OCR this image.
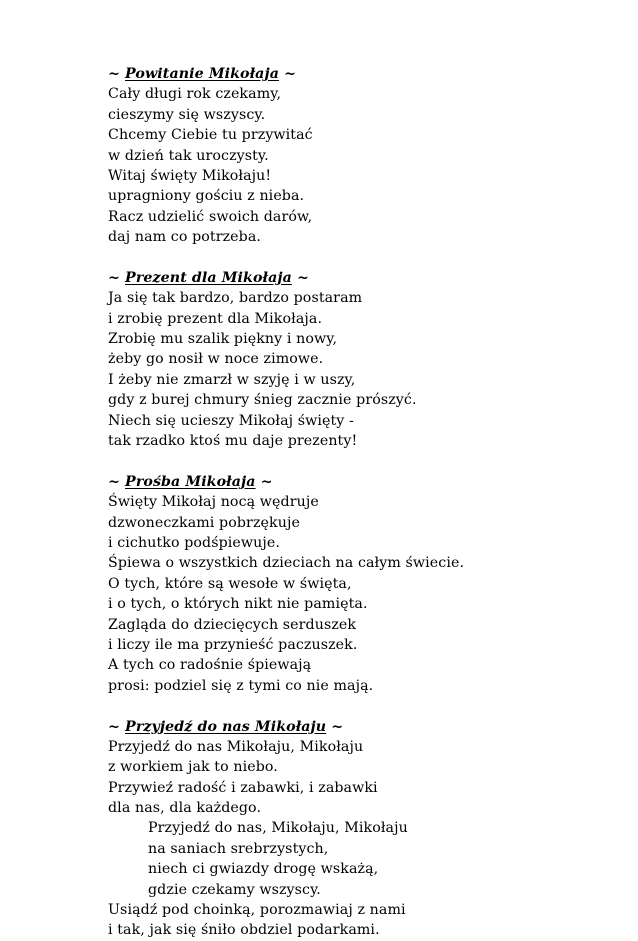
~ Powitanie Mikołaja ~
Cały długi rok czekamy,
cieszymy się wszyscy.
Chcemy Ciebie tu przywitać
w dzień tak uroczysty.
Witaj święty Mikołaju!
upragniony gościu z nieba.
Racz udzielić swoich darów,
daj nam co potrzeba.
~ Prezent dla Mikołaja ~
Ja się tak bardzo, bardzo postaram
i zrobię prezent dla Mikołaja.
Zrobię mu szalik piękny i nowy,
żeby go nosił w noce zimowe.
I żeby nie zmarzł w szyję i w uszy,
gdy z burej chmury śnieg zacznie prószyć.
Niech się ucieszy Mikołaj święty -
tak rzadko ktoś mu daje prezenty!
~ Prośba Mikołaja ~
Święty Mikołaj nocą wędruje
dzwoneczkami pobrzękuje
i cichutko podśpiewuje.
Śpiewa o wszystkich dzieciach na całym świecie.
O tych, które są wesołe w święta,
i o tych, o których nikt nie pamięta.
Zagląda do dziecięcych serduszek
i liczy ile ma przynieść paczuszek.
A tych co radośnie śpiewają
prosi: podziel się z tymi co nie mają.
~ Przyjedź do nas Mikołaju ~
Przyjedź do nas Mikołaju, Mikołaju
z workiem jak to niebo.
Przywieź radość i zabawki, i zabawki
dla nas, dla każdego.
Przyjedź do nas, Mikołaju, Mikołaju
na saniach srebrzystych,
niech ci gwiazdy drogę wskażą,
gdzie czekamy wszyscy.
Usiądź pod choinką, porozmawiaj z nami
i tak, jak się śniło obdziel podarkami.
